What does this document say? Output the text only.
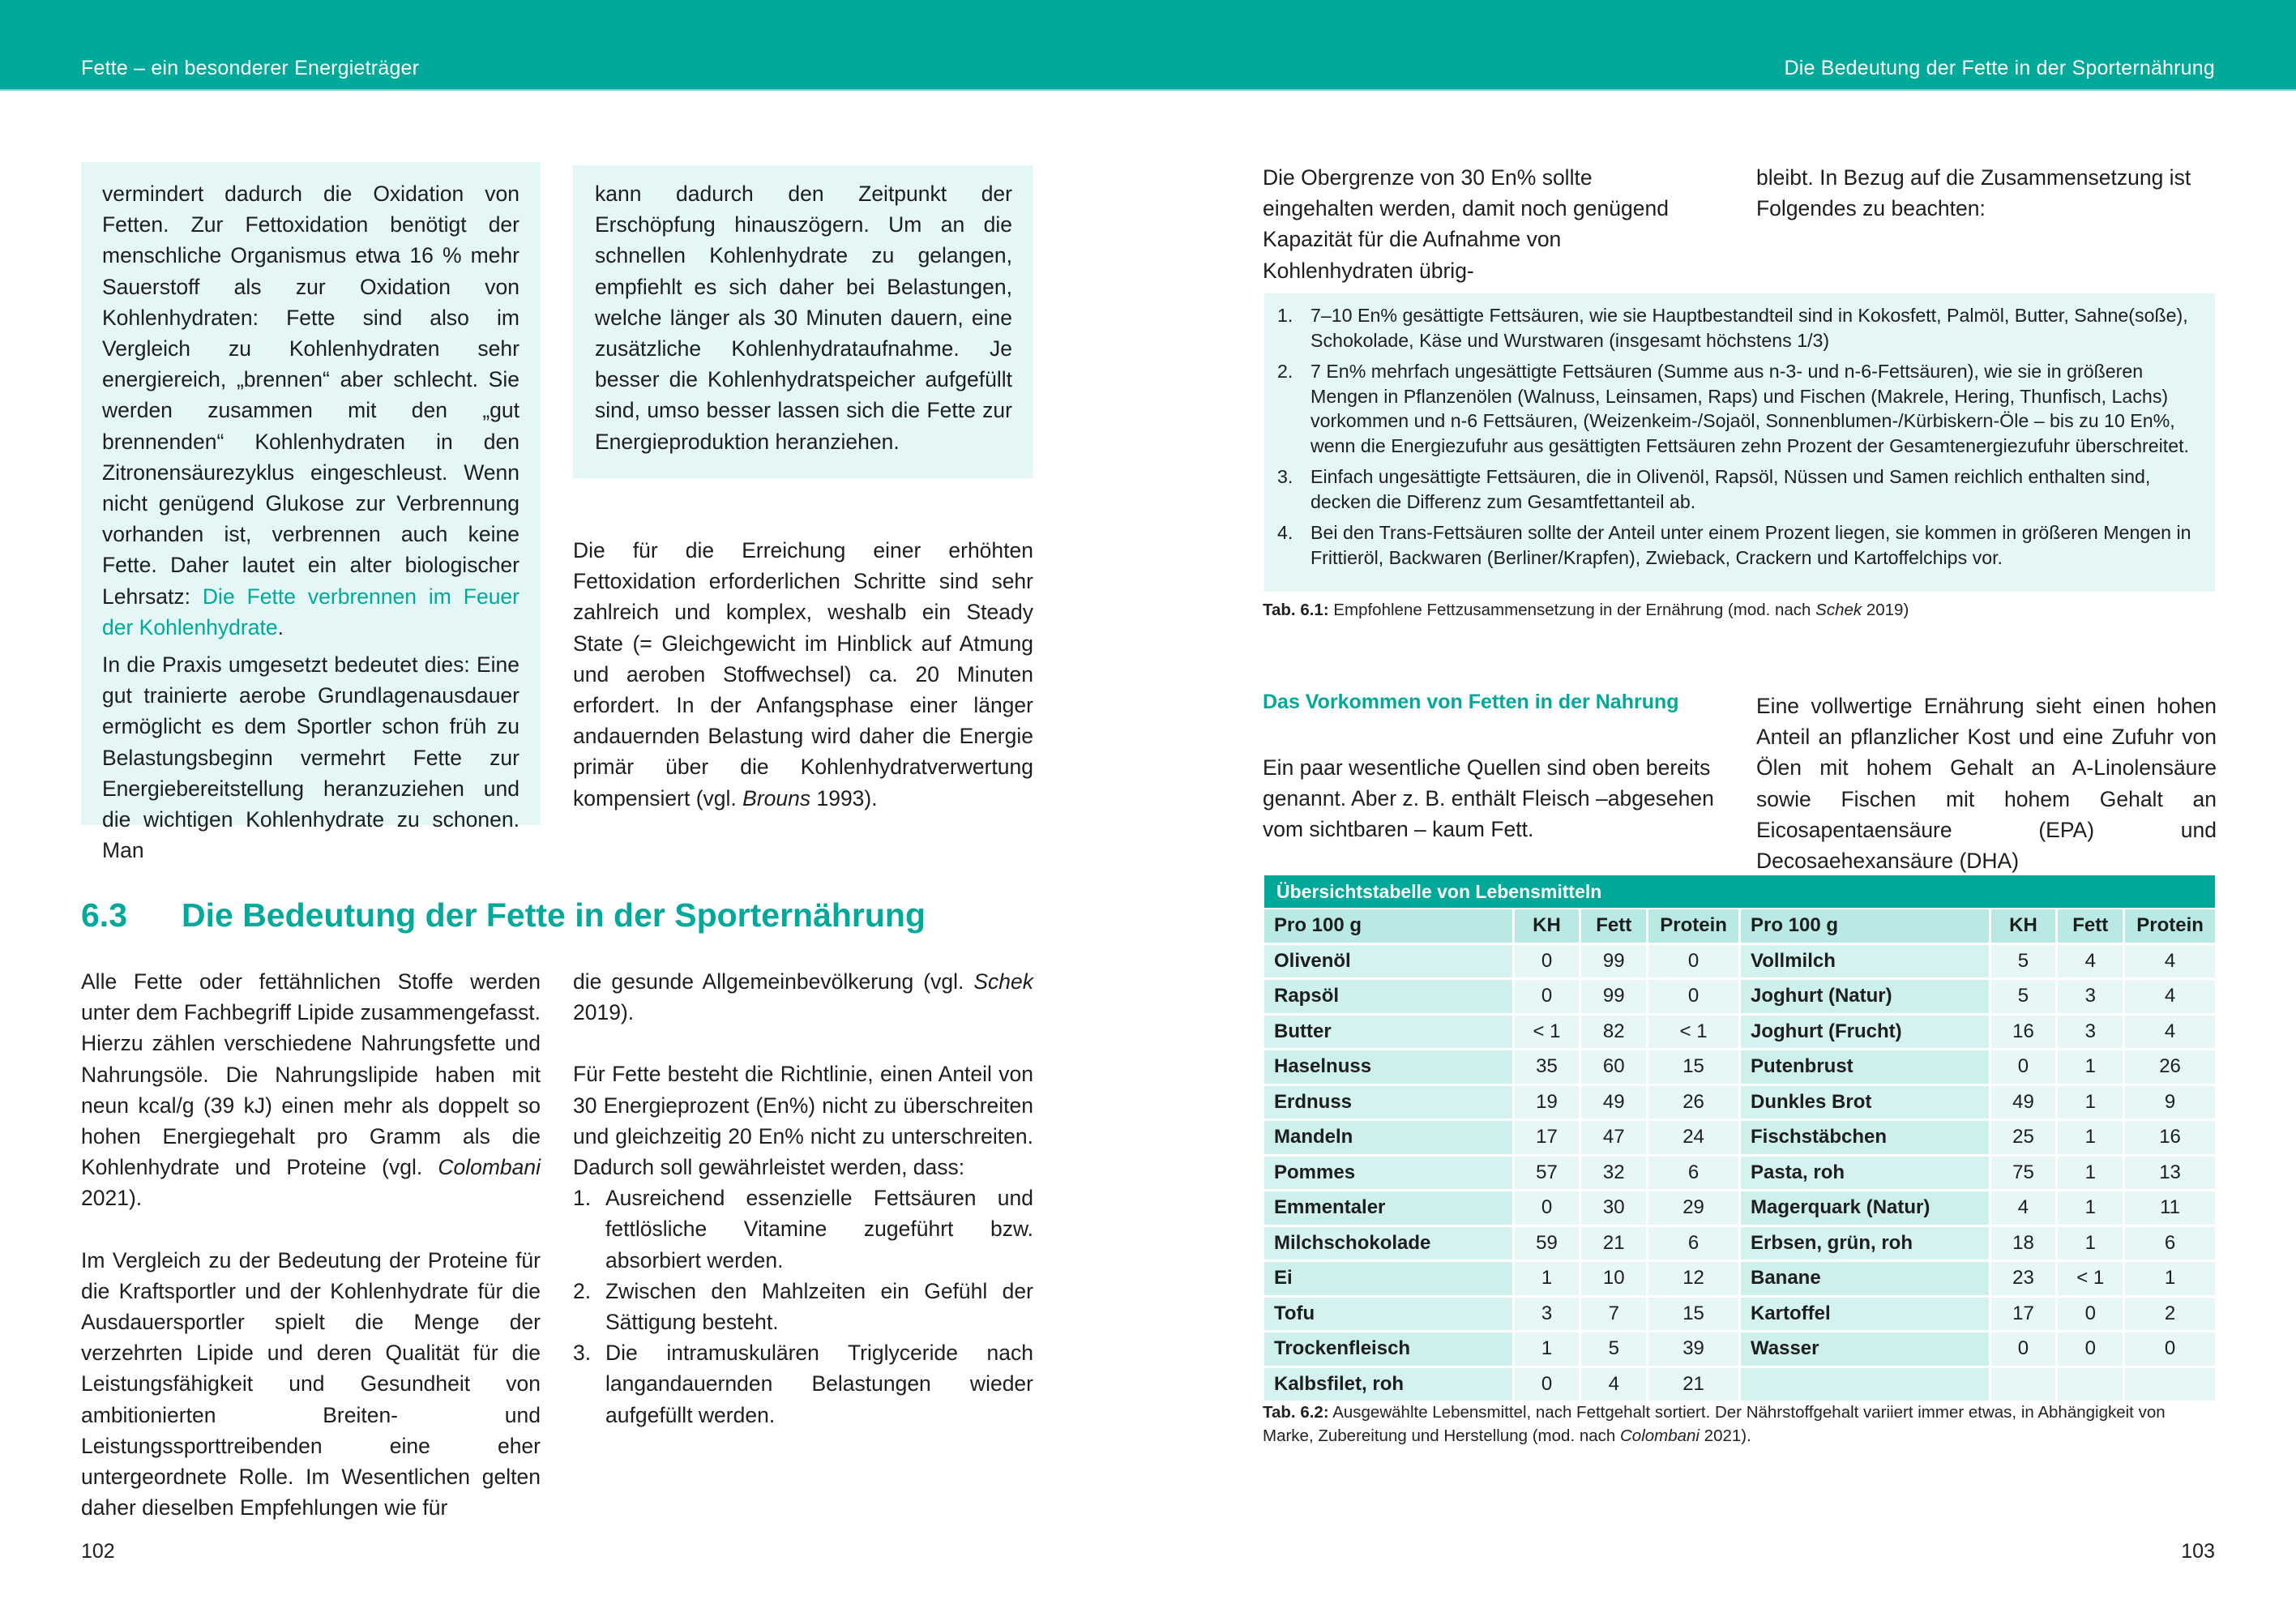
Fette – ein besonderer Energieträger	Die Bedeutung der Fette in der Sporternährung

vermindert dadurch die Oxidation von Fetten. Zur Fettoxidation benötigt der menschliche Organismus etwa 16 % mehr Sauerstoff als zur Oxidation von Kohlenhydraten: Fette sind also im Vergleich zu Kohlenhydraten sehr energiereich, „brennen“ aber schlecht. Sie werden zusammen mit den „gut brennenden“ Kohlenhydraten in den Zitronensäurezyklus eingeschleust. Wenn nicht genügend Glukose zur Verbrennung vorhanden ist, verbrennen auch keine Fette. Daher lautet ein alter biologischer Lehrsatz: Die Fette verbrennen im Feuer der Kohlenhydrate.

In die Praxis umgesetzt bedeutet dies: Eine gut trainierte aerobe Grundlagenausdauer ermöglicht es dem Sportler schon früh zu Belastungsbeginn vermehrt Fette zur Energiebereitstellung heranzuziehen und die wichtigen Kohlenhydrate zu schonen. Man

kann dadurch den Zeitpunkt der Erschöpfung hinauszögern. Um an die schnellen Kohlenhydrate zu gelangen, empfiehlt es sich daher bei Belastungen, welche länger als 30 Minuten dauern, eine zusätzliche Kohlenhydrataufnahme. Je besser die Kohlenhydratspeicher aufgefüllt sind, umso besser lassen sich die Fette zur Energieproduktion heranziehen.

Die für die Erreichung einer erhöhten Fettoxidation erforderlichen Schritte sind sehr zahlreich und komplex, weshalb ein Steady State (= Gleichgewicht im Hinblick auf Atmung und aeroben Stoffwechsel) ca. 20 Minuten erfordert. In der Anfangsphase einer länger andauernden Belastung wird daher die Energie primär über die Kohlenhydratverwertung kompensiert (vgl. Brouns 1993).

6.3 Die Bedeutung der Fette in der Sporternährung

Alle Fette oder fettähnlichen Stoffe werden unter dem Fachbegriff Lipide zusammengefasst. Hierzu zählen verschiedene Nahrungsfette und Nahrungsöle. Die Nahrungslipide haben mit neun kcal/g (39 kJ) einen mehr als doppelt so hohen Energiegehalt pro Gramm als die Kohlenhydrate und Proteine (vgl. Colombani 2021).

Im Vergleich zu der Bedeutung der Proteine für die Kraftsportler und der Kohlenhydrate für die Ausdauersportler spielt die Menge der verzehrten Lipide und deren Qualität für die Leistungsfähigkeit und Gesundheit von ambitionierten Breiten- und Leistungssporttreibenden eine eher untergeordnete Rolle. Im Wesentlichen gelten daher dieselben Empfehlungen wie für

die gesunde Allgemeinbevölkerung (vgl. Schek 2019).

Für Fette besteht die Richtlinie, einen Anteil von 30 Energieprozent (En%) nicht zu überschreiten und gleichzeitig 20 En% nicht zu unterschreiten. Dadurch soll gewährleistet werden, dass:

1. Ausreichend essenzielle Fettsäuren und fettlösliche Vitamine zugeführt bzw. absorbiert werden.
2. Zwischen den Mahlzeiten ein Gefühl der Sättigung besteht.
3. Die intramuskulären Triglyceride nach langandauernden Belastungen wieder aufgefüllt werden.
102

Die Obergrenze von 30 En% sollte eingehalten werden, damit noch genügend Kapazität für die Aufnahme von Kohlenhydraten übrig-

bleibt. In Bezug auf die Zusammensetzung ist Folgendes zu beachten:

1. 7–10 En% gesättigte Fettsäuren, wie sie Hauptbestandteil sind in Kokosfett, Palmöl, Butter, Sahne(soße), Schokolade, Käse und Wurstwaren (insgesamt höchstens 1/3)
2. 7 En% mehrfach ungesättigte Fettsäuren (Summe aus n-3- und n-6-Fettsäuren), wie sie in größeren Mengen in Pflanzenölen (Walnuss, Leinsamen, Raps) und Fischen (Makrele, Hering, Thunfisch, Lachs) vorkommen und n-6 Fettsäuren, (Weizenkeim-/Sojaöl, Sonnenblumen-/Kürbiskern-Öle – bis zu 10 En%, wenn die Energiezufuhr aus gesättigten Fettsäuren zehn Prozent der Gesamtenergiezufuhr überschreitet.
3. Einfach ungesättigte Fettsäuren, die in Olivenöl, Rapsöl, Nüssen und Samen reichlich enthalten sind, decken die Differenz zum Gesamtfettanteil ab.
4. Bei den Trans-Fettsäuren sollte der Anteil unter einem Prozent liegen, sie kommen in größeren Mengen in Frittieröl, Backwaren (Berliner/Krapfen), Zwieback, Crackern und Kartoffelchips vor.
Tab. 6.1: Empfohlene Fettzusammensetzung in der Ernährung (mod. nach Schek 2019)
Das Vorkommen von Fetten in der Nahrung

Ein paar wesentliche Quellen sind oben bereits genannt. Aber z. B. enthält Fleisch –abgesehen vom sichtbaren – kaum Fett.

Eine vollwertige Ernährung sieht einen hohen Anteil an pflanzlicher Kost und eine Zufuhr von Ölen mit hohem Gehalt an A-Linolensäure sowie Fischen mit hohem Gehalt an Eicosapentaensäure (EPA) und Decosaehexansäure (DHA)

Übersichtstabelle von Lebensmitteln
Pro 100 g	KH	Fett	Protein	Pro 100 g	KH	Fett	Protein
Olivenöl	0	99	0	Vollmilch	5	4	4
Rapsöl	0	99	0	Joghurt (Natur)	5	3	4
Butter	< 1	82	< 1	Joghurt (Frucht)	16	3	4
Haselnuss	35	60	15	Putenbrust	0	1	26
Erdnuss	19	49	26	Dunkles Brot	49	1	9
Mandeln	17	47	24	Fischstäbchen	25	1	16
Pommes	57	32	6	Pasta, roh	75	1	13
Emmentaler	0	30	29	Magerquark (Natur)	4	1	11
Milchschokolade	59	21	6	Erbsen, grün, roh	18	1	6
Ei	1	10	12	Banane	23	< 1	1
Tofu	3	7	15	Kartoffel	17	0	2
Trockenfleisch	1	5	39	Wasser	0	0	0
Kalbsfilet, roh	0	4	21				
Tab. 6.2: Ausgewählte Lebensmittel, nach Fettgehalt sortiert. Der Nährstoffgehalt variiert immer etwas, in Abhängigkeit von Marke, Zubereitung und Herstellung (mod. nach Colombani 2021).
103
